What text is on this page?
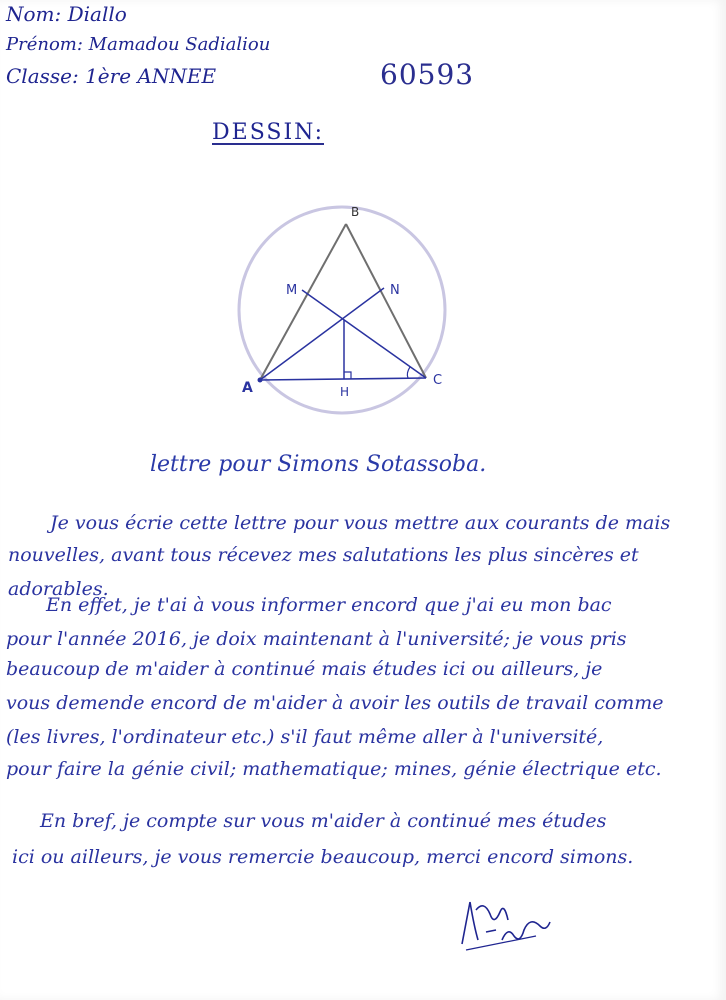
Nom: Diallo
Prénom: Mamadou Sadialiou
Classe: 1ère ANNEE	60593
DESSIN:
B
M	N
A	H
C
lettre pour Simons Sotassoba.
Je vous écrie cette lettre pour vous mettre aux courants de mais
nouvelles, avant tous récevez mes salutations les plus sincères et
adorables.
En effet, je t'ai à vous informer encord que j'ai eu mon bac
pour l'année 2016, je doix maintenant à l'université; je vous pris
beaucoup de m'aider à continué mais études ici ou ailleurs, je
vous demende encord de m'aider à avoir les outils de travail comme
(les livres, l'ordinateur etc.) s'il faut même aller à l'université,
pour faire la génie civil; mathematique; mines, génie électrique etc.
En bref, je compte sur vous m'aider à continué mes études
ici ou ailleurs, je vous remercie beaucoup, merci encord simons.
